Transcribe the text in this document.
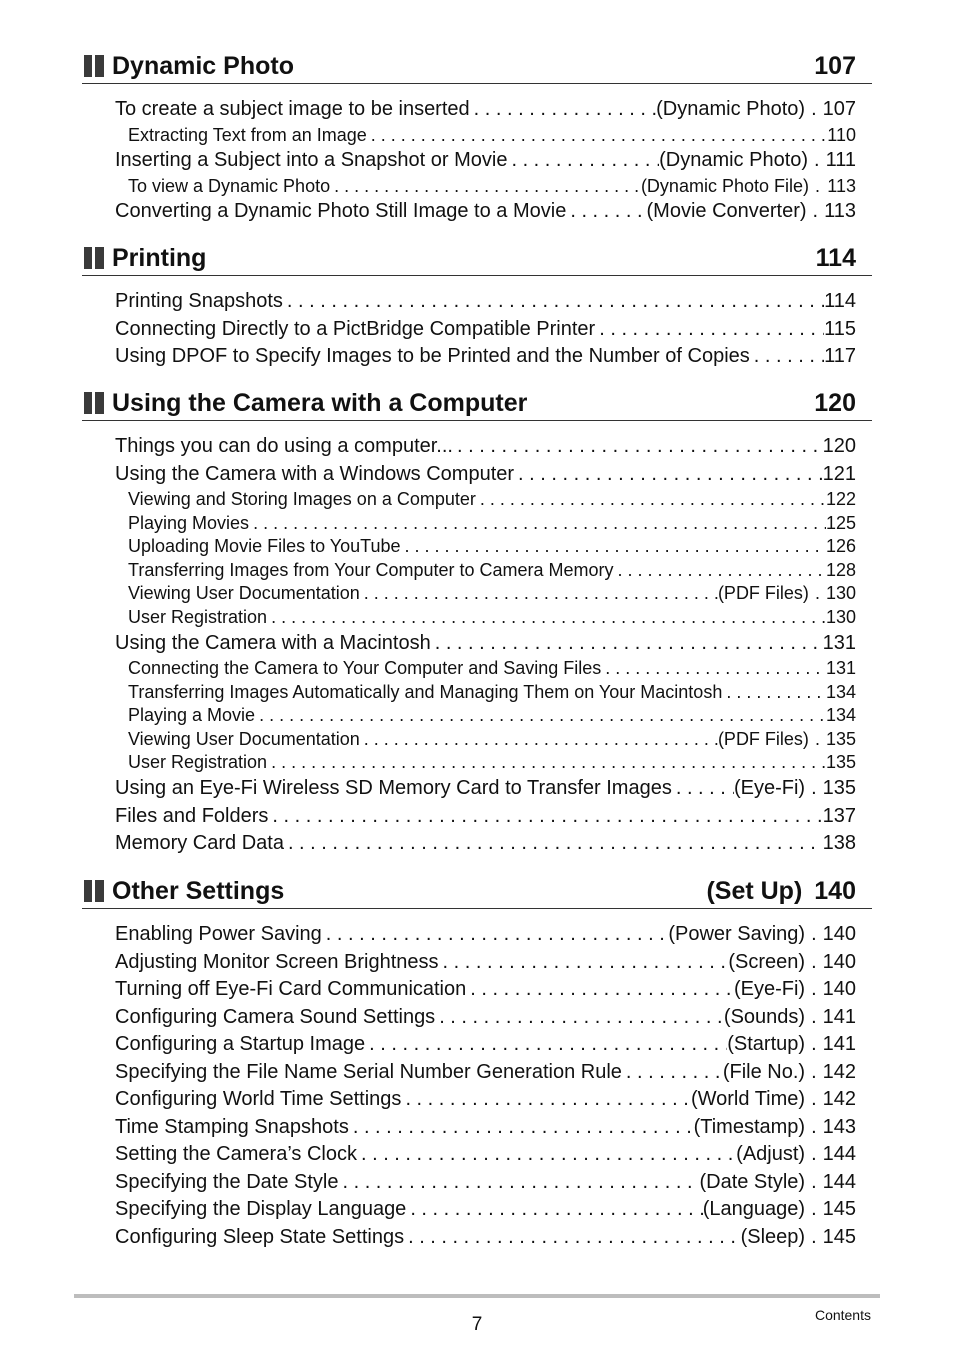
Dynamic Photo	107
To create a subject image to be inserted . . .	(Dynamic Photo) . 107
Extracting Text from an Image . . .	110
Inserting a Subject into a Snapshot or Movie . . .	(Dynamic Photo) . 111
To view a Dynamic Photo . . .	(Dynamic Photo File) . 113
Converting a Dynamic Photo Still Image to a Movie . . .	(Movie Converter) . 113
Printing	114
Printing Snapshots . . .	114
Connecting Directly to a PictBridge Compatible Printer . . .	115
Using DPOF to Specify Images to be Printed and the Number of Copies . . .	117
Using the Camera with a Computer	120
Things you can do using a computer... . . .	120
Using the Camera with a Windows Computer . . .	121
Viewing and Storing Images on a Computer . . .	122
Playing Movies . . .	125
Uploading Movie Files to YouTube . . .	126
Transferring Images from Your Computer to Camera Memory . . .	128
Viewing User Documentation . . .	(PDF Files) . 130
User Registration . . .	130
Using the Camera with a Macintosh . . .	131
Connecting the Camera to Your Computer and Saving Files . . .	131
Transferring Images Automatically and Managing Them on Your Macintosh . . .	134
Playing a Movie . . .	134
Viewing User Documentation . . .	(PDF Files) . 135
User Registration . . .	135
Using an Eye-Fi Wireless SD Memory Card to Transfer Images . . .	(Eye-Fi) . 135
Files and Folders . . .	137
Memory Card Data . . .	138
Other Settings	(Set Up) 140
Enabling Power Saving . . .	(Power Saving) . 140
Adjusting Monitor Screen Brightness . . .	(Screen) . 140
Turning off Eye-Fi Card Communication . . .	(Eye-Fi) . 140
Configuring Camera Sound Settings . . .	(Sounds) . 141
Configuring a Startup Image . . .	(Startup) . 141
Specifying the File Name Serial Number Generation Rule . . .	(File No.) . 142
Configuring World Time Settings . . .	(World Time) . 142
Time Stamping Snapshots . . .	(Timestamp) . 143
Setting the Camera’s Clock . . .	(Adjust) . 144
Specifying the Date Style . . .	(Date Style) . 144
Specifying the Display Language . . .	(Language) . 145
Configuring Sleep State Settings . . .	(Sleep) . 145
7	Contents
